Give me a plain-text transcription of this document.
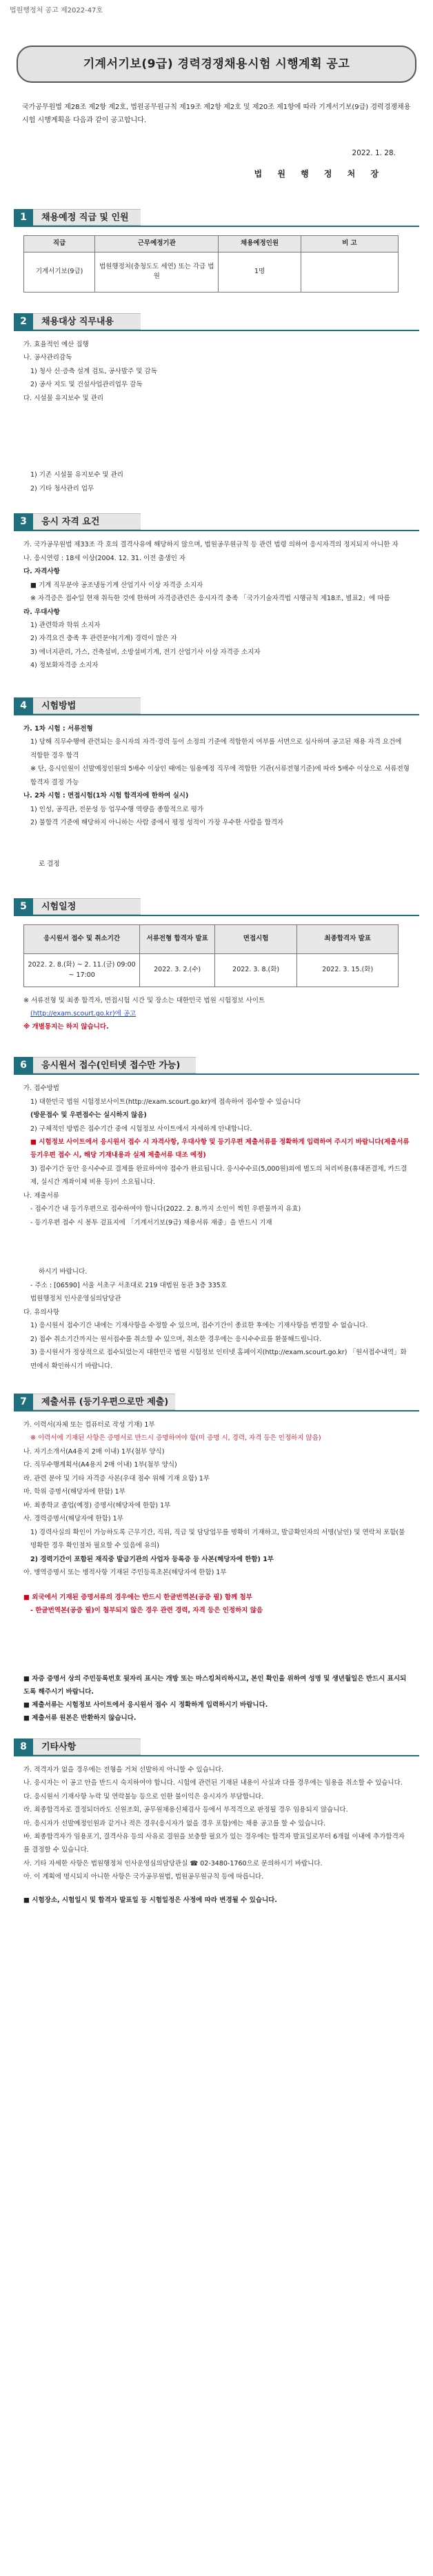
법원행정처 공고 제2022-47호
기계서기보(9급) 경력경쟁채용시험 시행계획 공고
국가공무원법 제28조 제2항 제2호, 법원공무원규칙 제19조 제2항 제2호 및 제20조 제1항에 따라 기계서기보(9급) 경력경쟁채용시험 시행계획을 다음과 같이 공고합니다.
2022. 1. 28.
법 원 행 정 처 장
1	채용예정 직급 및 인원
직급	근무예정기관	채용예정인원	비 고
기계서기보(9급)	법원행정처(충청도도 세연) 또는 각급 법원	1명	
2	채용대상 직무내용

가. 효율적인 예산 집행

나. 공사관리감독

1) 청사 신·증축 설계 검토, 공사발주 및 감독

2) 공사 지도 및 건설사업관리업무 감독

다. 시설물 유지보수 및 관리

1) 기존 시설물 유지보수 및 관리

2) 기타 청사관리 업무

3	응시 자격 요건

가. 국가공무원법 제33조 각 호의 결격사유에 해당하지 않으며, 법원공무원규칙 등 관련 법령 의하여 응시자격의 정지되지 아니한 자

나. 응시연령 : 18세 이상(2004. 12. 31. 이전 출생인 자

다. 자격사항

■ 기계 직무분야 공조냉동기계 산업기사 이상 자격증 소지자

※ 자격증은 접수일 현재 취득한 것에 한하며 자격증관련은 응시자격 충족 「국가기술자격법 시행규칙 제18조, 별표2」에 따름

라. 우대사항

1) 관련학과 학위 소지자

2) 자격요건 충족 후 관련분야(기계) 경력이 많은 자

3) 에너지관리, 가스, 건축설비, 소방설비기계, 전기 산업기사 이상 자격증 소지자

4) 정보화자격증 소지자

4	시험방법

가. 1차 시험 : 서류전형

1) 당해 직무수행에 관련되는 응시자의 자격·경력 등이 소정의 기준에 적합한지 여부를 서면으로 심사하며 공고된 채용 자격 요건에 적합한 경우 합격

※ 단, 응시인원이 선발예정인원의 5배수 이상인 때에는 임용예정 직무에 적합한 기관(서류전형기준)에 따라 5배수 이상으로 서류전형 합격자 결정 가능

나. 2차 시험 : 면접시험(1차 시험 합격자에 한하여 실시)

1) 인성, 공직관, 전문성 등 업무수행 역량을 종합적으로 평가

2) 불합격 기준에 해당하지 아니하는 사람 중에서 평정 성적이 가장 우수한 사람을 합격자

로 결정

5	시험일정
응시원서 접수 및 취소기간	서류전형 합격자 발표	면접시험	최종합격자 발표
2022. 2. 8.(화) ~ 2. 11.(금) 09:00 ~ 17:00	2022. 3. 2.(수)	2022. 3. 8.(화)	2022. 3. 15.(화)

※ 서류전형 및 최종 합격자, 면접시험 시간 및 장소는 대한민국 법원 시험정보 사이트

(http://exam.scourt.go.kr)에 공고

※ 개별통지는 하지 않습니다.

6	응시원서 접수(인터넷 접수만 가능)

가. 접수방법

1) 대한민국 법원 시험정보사이트(http://exam.scourt.go.kr)에 접속하여 접수할 수 있습니다

(방문접수 및 우편접수는 실시하지 않음)

2) 구체적인 방법은 접수기간 중에 시험정보 사이트에서 자세하게 안내합니다.

■ 시험정보 사이트에서 응시원서 접수 시 자격사항, 우대사항 및 등기우편 제출서류를 정확하게 입력하여 주시기 바랍니다(제출서류 등기우편 접수 시, 해당 기재내용과 실제 제출서류 대조 예정)

3) 접수기간 동안 응시수수료 결제를 완료하여야 접수가 완료됩니다. 응시수수료(5,000원)외에 별도의 처리비용(휴대폰결제, 카드결제, 실시간 계좌이체 비용 등)이 소요됩니다.

나. 제출서류

- 접수기간 내 등기우편으로 접수하여야 합니다(2022. 2. 8.까지 소인이 찍힌 우편물까지 유효)

- 등기우편 접수 시 봉투 겉표지에 「기계서기보(9급) 채용서류 재중」을 반드시 기재

하시기 바랍니다.

- 주소 : [06590] 서울 서초구 서초대로 219 대법원 동관 3층 335호

법원행정처 인사운영심의담당관

다. 유의사항

1) 응시원서 접수기간 내에는 기재사항을 수정할 수 있으며, 접수기간이 종료한 후에는 기재사항을 변경할 수 없습니다.

2) 접수 취소기간까지는 원서접수를 취소할 수 있으며, 취소한 경우에는 응시수수료를 환불해드립니다.

3) 응시원서가 정상적으로 접수되었는지 대한민국 법원 시험정보 인터넷 홈페이지(http://exam.scourt.go.kr) 「원서접수내역」화면에서 확인하시기 바랍니다.

7	제출서류 (등기우편으로만 제출)

가. 이력서(자체 또는 컴퓨터로 작성 기재) 1부

※ 이력서에 기재된 사항은 증명서로 반드시 증명하여야 함(미 증명 시, 경력, 자격 등은 인정하지 않음)

나. 자기소개서(A4용지 2매 이내) 1부(첨부 양식)

다. 직무수행계획서(A4용지 2매 이내) 1부(첨부 양식)

라. 관련 분야 및 기타 자격증 사본(우대 점수 위해 기재 요함) 1부

마. 학위 증명서(해당자에 한함) 1부

바. 최종학교 졸업(예정) 증명서(해당자에 한함) 1부

사. 경력증명서(해당자에 한함) 1부

1) 경력사실의 확인이 가능하도록 근무기간, 직위, 직급 및 담당업무를 명확히 기재하고, 발급확인자의 서명(날인) 및 연락처 포함(불명확한 경우 확인절차 필요할 수 있음에 유의)

2) 경력기간이 포함된 재직중 발급기관의 사업자 등록증 등 사본(해당자에 한함) 1부

아. 병역증명서 또는 병적사항 기재된 주민등록초본(해당자에 한함) 1부

■ 외국에서 기재된 증명서류의 경우에는 반드시 한글번역본(공증 필) 함께 첨부

- 한글번역본(공증 필)이 첨부되지 않은 경우 관련 경력, 자격 등은 인정하지 않음

■ 자증 증명서 상의 주민등록번호 뒷자리 표시는 개방 또는 마스킹처리하시고, 본인 확인을 위하여 성명 및 생년월일은 반드시 표시되도록 해주시기 바랍니다.

■ 제출서류는 시험정보 사이트에서 응시원서 접수 시 정확하게 입력하시기 바랍니다.

■ 제출서류 원본은 반환하지 않습니다.

8	기타사항

가. 적격자가 없을 경우에는 전형을 거쳐 선발하지 아니할 수 있습니다.

나. 응시자는 이 공고 안을 반드시 숙지하여야 합니다. 시험에 관련된 기재된 내용이 사실과 다를 경우에는 임용을 취소할 수 있습니다.

다. 응시원서 기재사항 누락 및 연락불능 등으로 인한 불이익은 응시자가 부담합니다.

라. 최종합격자로 결정되더라도 신원조회, 공무원채용신체검사 등에서 부적격으로 판정될 경우 임용되지 않습니다.

마. 응시자가 선발예정인원과 같거나 적은 경우(응시자가 없을 경우 포함)에는 채용 공고를 할 수 있습니다.

바. 최종합격자가 임용포기, 결격사유 등의 사유로 결원을 보충할 필요가 있는 경우에는 합격자 발표일로부터 6개월 이내에 추가합격자를 결정할 수 있습니다.

사. 기타 자세한 사항은 법원행정처 인사운영심의담당관실 ☎ 02-3480-1760으로 문의하시기 바랍니다.

아. 이 계획에 명시되지 아니한 사항은 국가공무원법, 법원공무원규칙 등에 따릅니다.

■ 시험장소, 시험일시 및 합격자 발표일 등 시험일정은 사정에 따라 변경될 수 있습니다.
